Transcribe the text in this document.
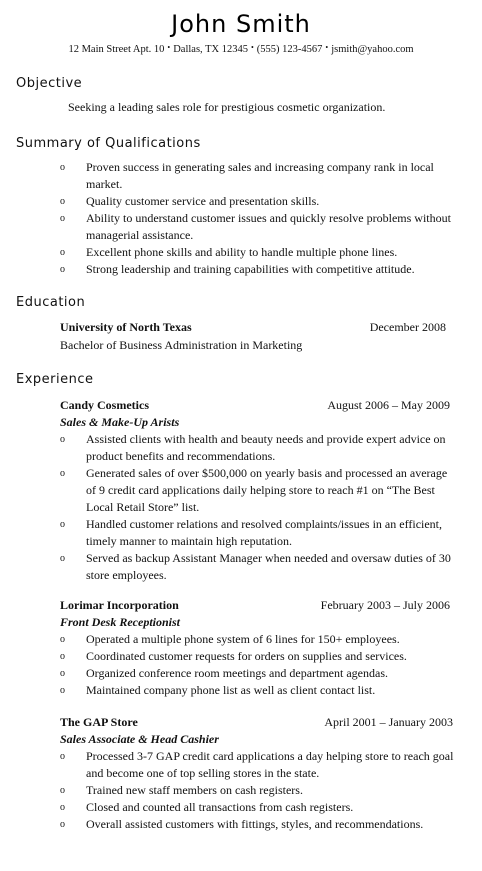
John Smith
12 Main Street Apt. 10 • Dallas, TX 12345 • (555) 123-4567 • jsmith@yahoo.com
Objective
Seeking a leading sales role for prestigious cosmetic organization.
Summary of Qualifications
o Proven success in generating sales and increasing company rank in local market.
o Quality customer service and presentation skills.
o Ability to understand customer issues and quickly resolve problems without managerial assistance.
o Excellent phone skills and ability to handle multiple phone lines.
o Strong leadership and training capabilities with competitive attitude.
Education
University of North Texas	December 2008
Bachelor of Business Administration in Marketing
Experience
Candy Cosmetics	August 2006 – May 2009
Sales & Make-Up Arists
o Assisted clients with health and beauty needs and provide expert advice on product benefits and recommendations.
o Generated sales of over $500,000 on yearly basis and processed an average of 9 credit card applications daily helping store to reach #1 on “The Best Local Retail Store” list.
o Handled customer relations and resolved complaints/issues in an efficient, timely manner to maintain high reputation.
o Served as backup Assistant Manager when needed and oversaw duties of 30 store employees.
Lorimar Incorporation	February 2003 – July 2006
Front Desk Receptionist
o Operated a multiple phone system of 6 lines for 150+ employees.
o Coordinated customer requests for orders on supplies and services.
o Organized conference room meetings and department agendas.
o Maintained company phone list as well as client contact list.
The GAP Store	April 2001 – January 2003
Sales Associate & Head Cashier
o Processed 3-7 GAP credit card applications a day helping store to reach goal and become one of top selling stores in the state.
o Trained new staff members on cash registers.
o Closed and counted all transactions from cash registers.
o Overall assisted customers with fittings, styles, and recommendations.
